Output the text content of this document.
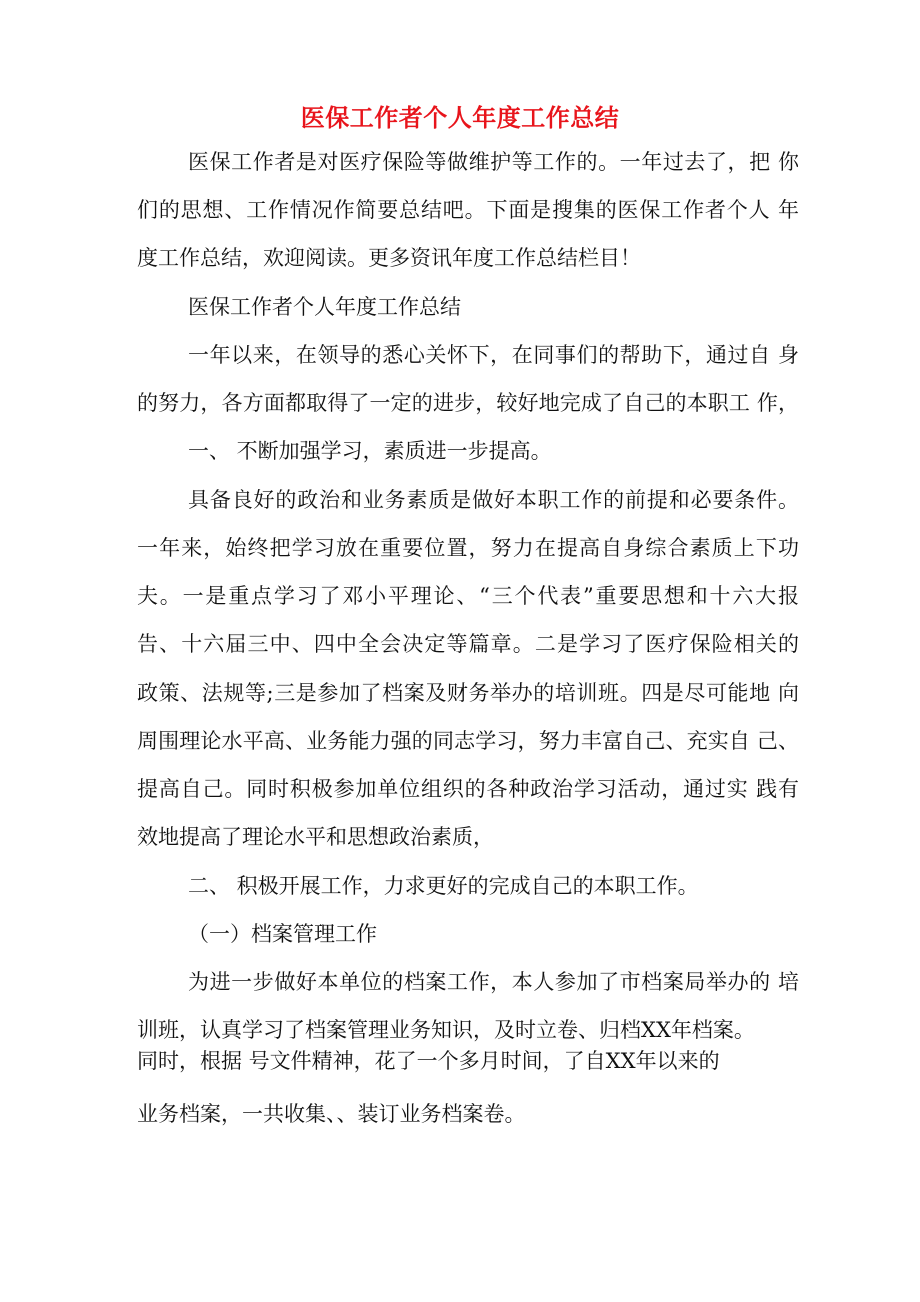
医保工作者个人年度工作总结
医保工作者是对医疗保险等做维护等工作的。一年过去了，把 你
们的思想、工作情况作简要总结吧。下面是搜集的医保工作者个人 年
度工作总结，欢迎阅读。更多资讯年度工作总结栏目！
医保工作者个人年度工作总结
一年以来，在领导的悉心关怀下，在同事们的帮助下，通过自 身
的努力，各方面都取得了一定的进步，较好地完成了自己的本职工 作，
一、 不断加强学习，素质进一步提高。
具备良好的政治和业务素质是做好本职工作的前提和必要条件。
一年来，始终把学习放在重要位置，努力在提高自身综合素质上下功
夫。一是重点学习了邓小平理论、“三个代表”重要思想和十六大报
告、十六届三中、四中全会决定等篇章。二是学习了医疗保险相关的
政策、法规等;三是参加了档案及财务举办的培训班。四是尽可能地 向
周围理论水平高、业务能力强的同志学习，努力丰富自己、充实自 己、
提高自己。同时积极参加单位组织的各种政治学习活动，通过实 践有
效地提高了理论水平和思想政治素质，
二、 积极开展工作，力求更好的完成自己的本职工作。
（一）档案管理工作
为进一步做好本单位的档案工作，本人参加了市档案局举办的 培
训班，认真学习了档案管理业务知识，及时立卷、归档XX年档案。
同时，根据 号文件精神，花了一个多月时间，了自XX年以来的
业务档案，一共收集、、装订业务档案卷。
